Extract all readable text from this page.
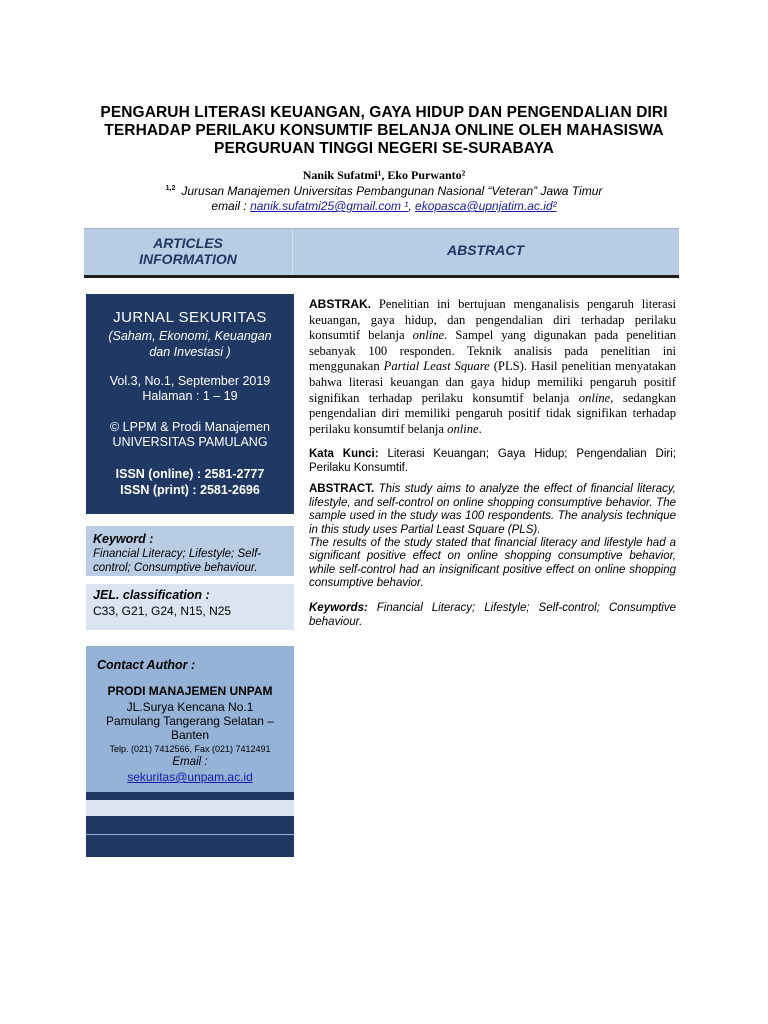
PENGARUH LITERASI KEUANGAN, GAYA HIDUP DAN PENGENDALIAN DIRI TERHADAP PERILAKU KONSUMTIF BELANJA ONLINE OLEH MAHASISWA PERGURUAN TINGGI NEGERI SE-SURABAYA
Nanik Sufatmi¹, Eko Purwanto²
$^{1,2}$ Jurusan Manajemen Universitas Pembangunan Nasional “Veteran” Jawa Timur
email : nanik.sufatmi25@gmail.com ¹, ekopasca@upnjatim.ac.id²
ARTICLES
INFORMATION
ABSTRACT
JURNAL SEKURITAS
(Saham, Ekonomi, Keuangan
dan Investasi )
Vol.3, No.1, September 2019
Halaman : 1 – 19
© LPPM & Prodi Manajemen
UNIVERSITAS PAMULANG
ISSN (online) : 2581-2777
ISSN (print) : 2581-2696
Keyword :
Financial Literacy; Lifestyle; Self-control; Consumptive behaviour.
JEL. classification :
C33, G21, G24, N15, N25
Contact Author :
PRODI MANAJEMEN UNPAM
JL.Surya Kencana No.1
Pamulang Tangerang Selatan –
Banten
Telp. (021) 7412566, Fax (021) 7412491
Email :
sekuritas@unpam.ac.id

ABSTRAK. Penelitian ini bertujuan menganalisis pengaruh literasi keuangan, gaya hidup, dan pengendalian diri terhadap perilaku konsumtif belanja online. Sampel yang digunakan pada penelitian sebanyak 100 responden. Teknik analisis pada penelitian ini menggunakan Partial Least Square (PLS). Hasil penelitian menyatakan bahwa literasi keuangan dan gaya hidup memiliki pengaruh positif signifikan terhadap perilaku konsumtif belanja online, sedangkan pengendalian diri memiliki pengaruh positif tidak signifikan terhadap perilaku konsumtif belanja online.

Kata Kunci: Literasi Keuangan; Gaya Hidup; Pengendalian Diri; Perilaku Konsumtif.

ABSTRACT. This study aims to analyze the effect of financial literacy, lifestyle, and self-control on online shopping consumptive behavior. The sample used in the study was 100 respondents. The analysis technique in this study uses Partial Least Square (PLS).
The results of the study stated that financial literacy and lifestyle had a significant positive effect on online shopping consumptive behavior, while self-control had an insignificant positive effect on online shopping consumptive behavior.

Keywords: Financial Literacy; Lifestyle; Self-control; Consumptive behaviour.
